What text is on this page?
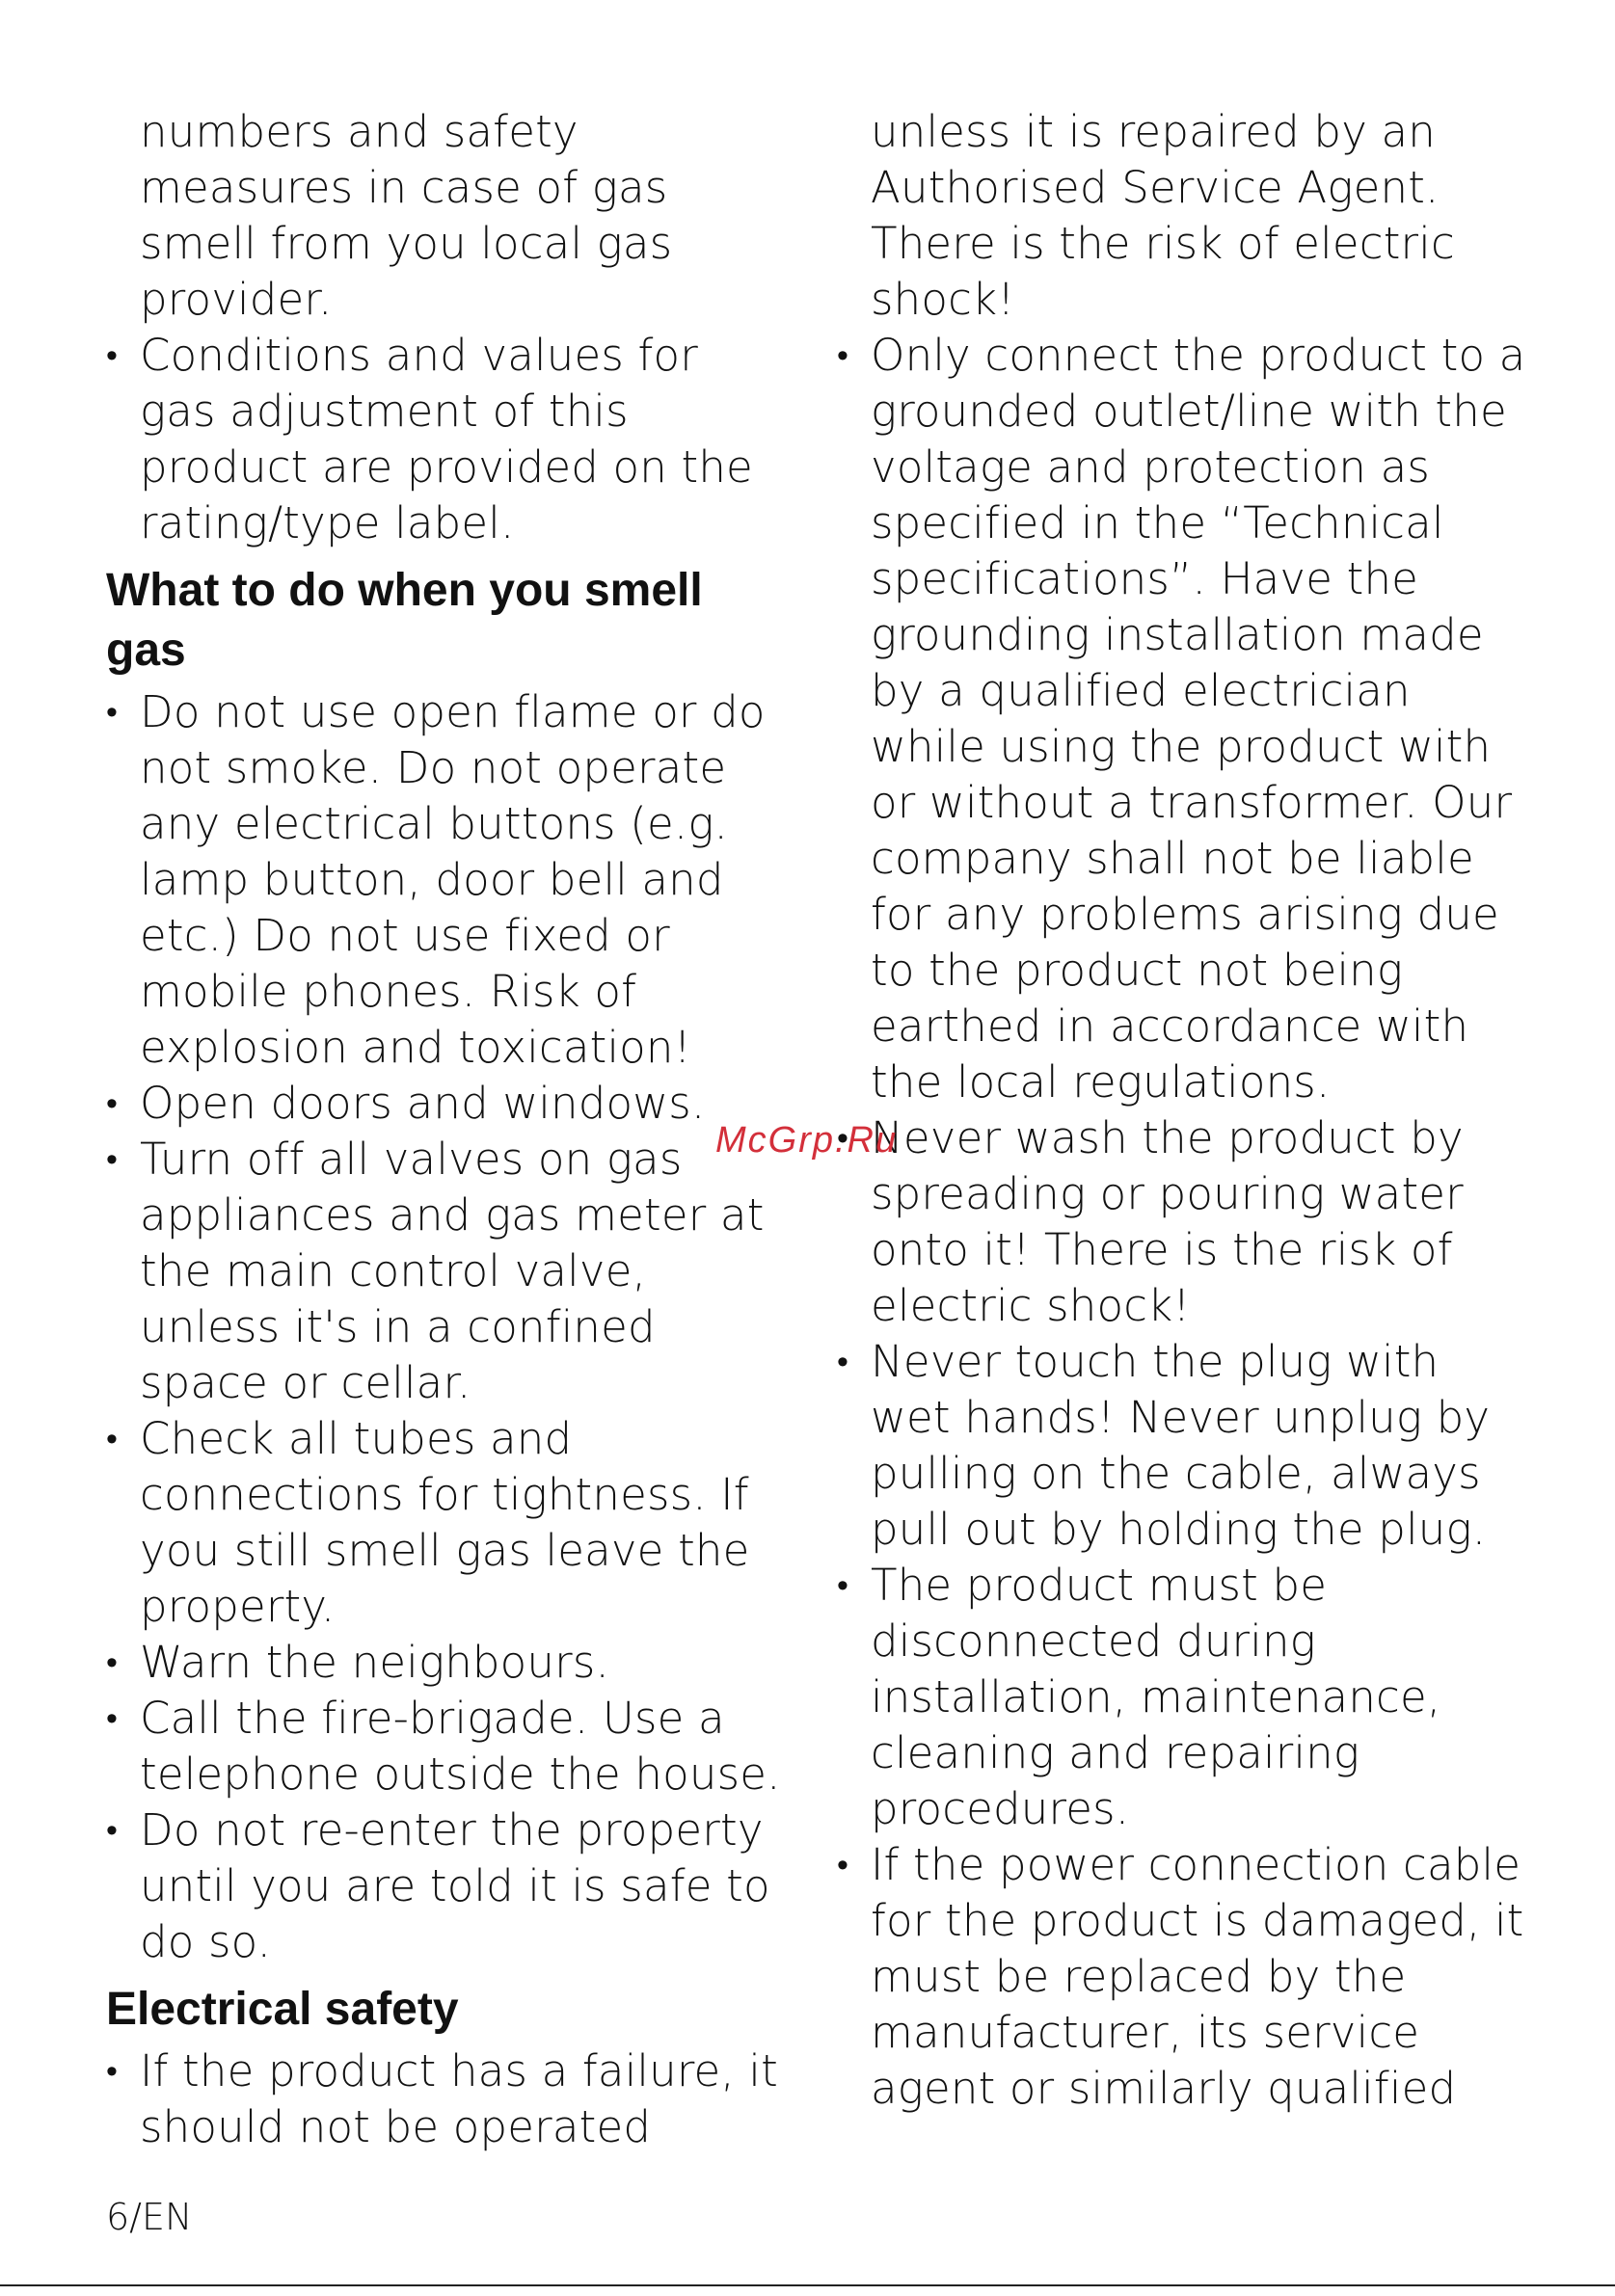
numbers and safety measures in case of gas smell from you local gas provider.

• Conditions and values for gas adjustment of this product are provided on the rating/type label.
What to do when you smell gas
• Do not use open flame or do not smoke. Do not operate any electrical buttons (e.g. lamp button, door bell and etc.) Do not use fixed or mobile phones. Risk of explosion and toxication!
• Open doors and windows.
• Turn off all valves on gas appliances and gas meter at the main control valve, unless it's in a confined space or cellar.
• Check all tubes and connections for tightness. If you still smell gas leave the property.
• Warn the neighbours.
• Call the fire-brigade. Use a telephone outside the house.
• Do not re-enter the property until you are told it is safe to do so.
Electrical safety
• If the product has a failure, it should not be operated

unless it is repaired by an Authorised Service Agent. There is the risk of electric shock!

• Only connect the product to a grounded outlet/line with the voltage and protection as specified in the “Technical specifications”. Have the grounding installation made by a qualified electrician while using the product with or without a transformer. Our company shall not be liable for any problems arising due to the product not being earthed in accordance with the local regulations.
• Never wash the product by spreading or pouring water onto it! There is the risk of electric shock!
• Never touch the plug with wet hands! Never unplug by pulling on the cable, always pull out by holding the plug.
• The product must be disconnected during installation, maintenance, cleaning and repairing procedures.
• If the power connection cable for the product is damaged, it must be replaced by the manufacturer, its service agent or similarly qualified
McGrp.Ru
6/EN
